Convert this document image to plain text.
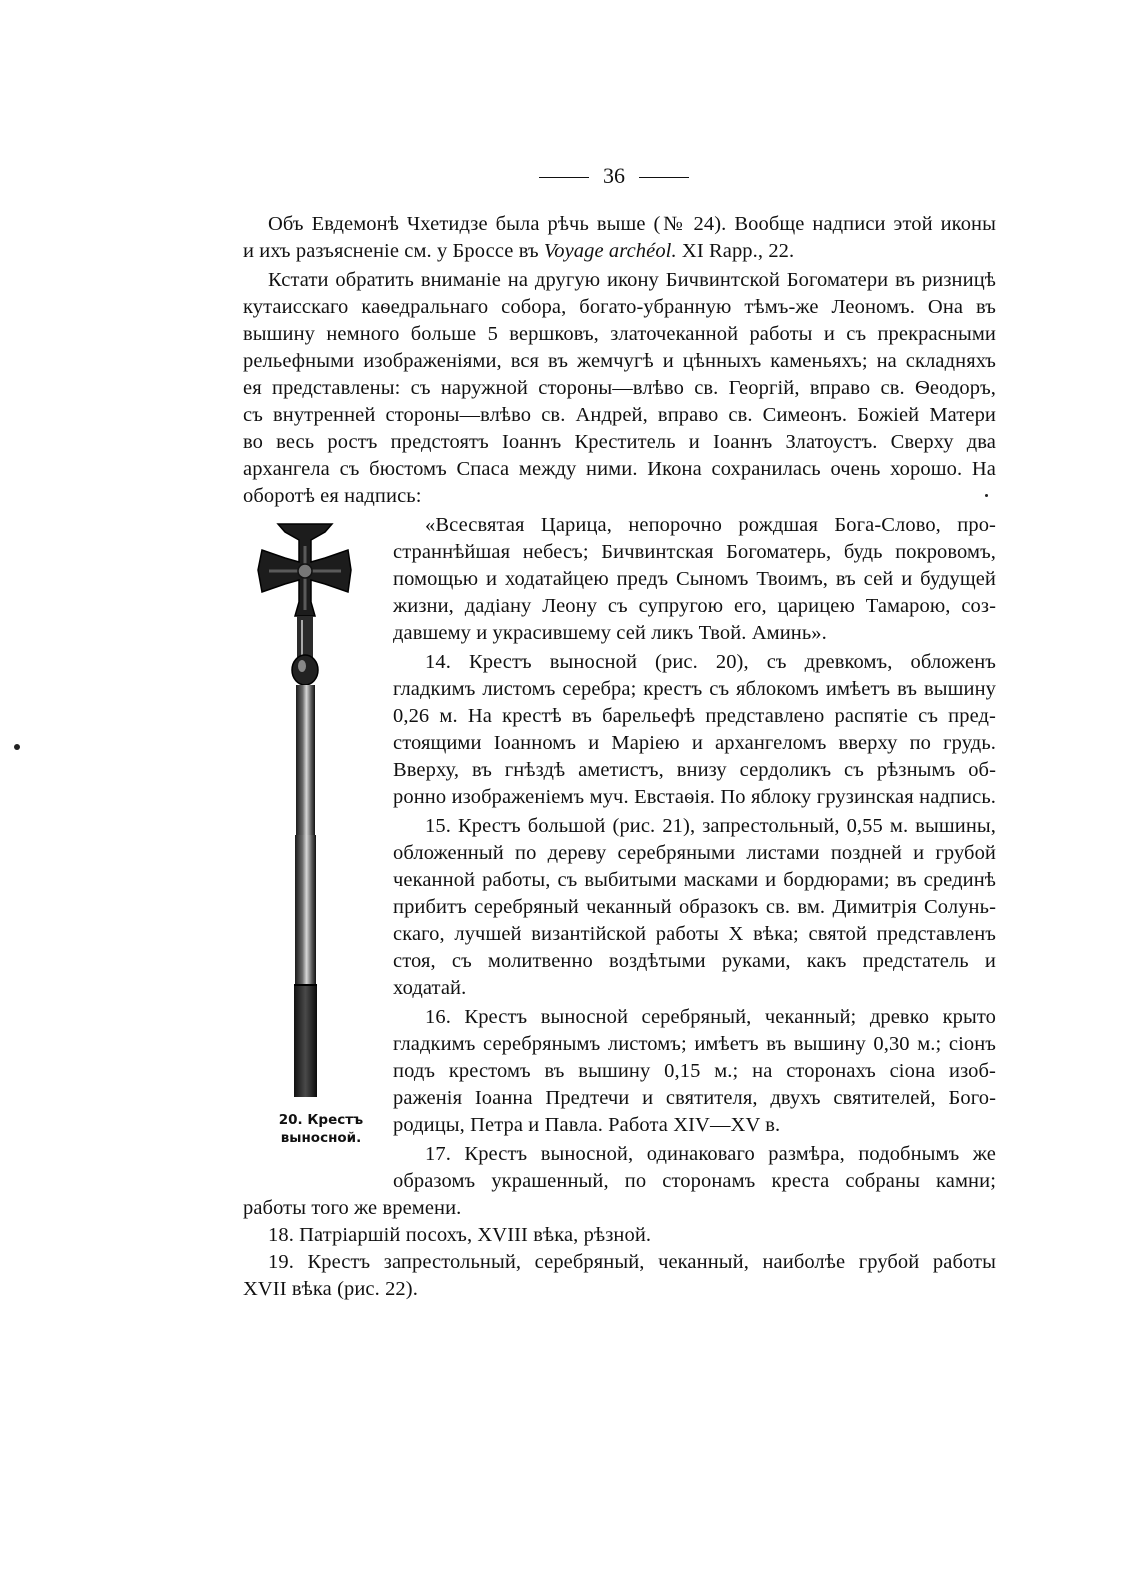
36
Объ Евдемонѣ Чхетидзе была рѣчь выше (№ 24). Вообще надписи этой иконы
и ихъ разъясненіе см. у Броссе въ Voyage archéol. XI Rapp., 22.
Кстати обратить вниманіе на другую икону Бичвинтской Богоматери въ ризницѣ
кутаисскаго каѳедральнаго собора, богато-убранную тѣмъ-же Леономъ. Она въ
вышину немного больше 5 вершковъ, златочеканной работы и съ прекрасными
рельефными изображеніями, вся въ жемчугѣ и цѣнныхъ каменьяхъ; на складняхъ
ея представлены: съ наружной стороны—влѣво св. Георгій, вправо св. Ѳеодоръ,
съ внутренней стороны—влѣво св. Андрей, вправо св. Симеонъ. Божіей Матери
во весь ростъ предстоятъ Іоаннъ Креститель и Іоаннъ Златоустъ. Сверху два
архангела съ бюстомъ Спаса между ними. Икона сохранилась очень хорошо. На
оборотѣ ея надпись:
«Всесвятая Царица, непорочно рождшая Бога-Слово, про-
страннѣйшая небесъ; Бичвинтская Богоматерь, будь покровомъ,
помощью и ходатайцею предъ Сыномъ Твоимъ, въ сей и будущей
жизни, дадіану Леону съ супругою его, царицею Тамарою, соз-
давшему и украсившему сей ликъ Твой. Аминь».
14. Крестъ выносной (рис. 20), съ древкомъ, обложенъ
гладкимъ листомъ серебра; крестъ съ яблокомъ имѣетъ въ вышину
0,26 м. На крестѣ въ барельефѣ представлено распятіе съ пред-
стоящими Іоанномъ и Маріею и архангеломъ вверху по грудь.
Вверху, въ гнѣздѣ аметистъ, внизу сердоликъ съ рѣзнымъ об-
ронно изображеніемъ муч. Евстаѳія. По яблоку грузинская надпись.
15. Крестъ большой (рис. 21), запрестольный, 0,55 м. вышины,
обложенный по дереву серебряными листами поздней и грубой
чеканной работы, съ выбитыми масками и бордюрами; въ срединѣ
прибитъ серебряный чеканный образокъ св. вм. Димитрія Солунь-
скаго, лучшей византійской работы X вѣка; святой представленъ
стоя, съ молитвенно воздѣтыми руками, какъ предстатель и
ходатай.
16. Крестъ выносной серебряный, чеканный; древко крыто
гладкимъ серебрянымъ листомъ; имѣетъ въ вышину 0,30 м.; сіонъ
подъ крестомъ въ вышину 0,15 м.; на сторонахъ сіона изоб-
раженія Іоанна Предтечи и святителя, двухъ святителей, Бого-
родицы, Петра и Павла. Работа XIV—XV в.
17. Крестъ выносной, одинаковаго размѣра, подобнымъ же
образомъ украшенный, по сторонамъ креста собраны камни;
работы того же времени.
18. Патріаршій посохъ, XVIII вѣка, рѣзной.
19. Крестъ запрестольный, серебряный, чеканный, наиболѣе грубой работы
XVII вѣка (рис. 22).
20. Крестъ
выносной.
